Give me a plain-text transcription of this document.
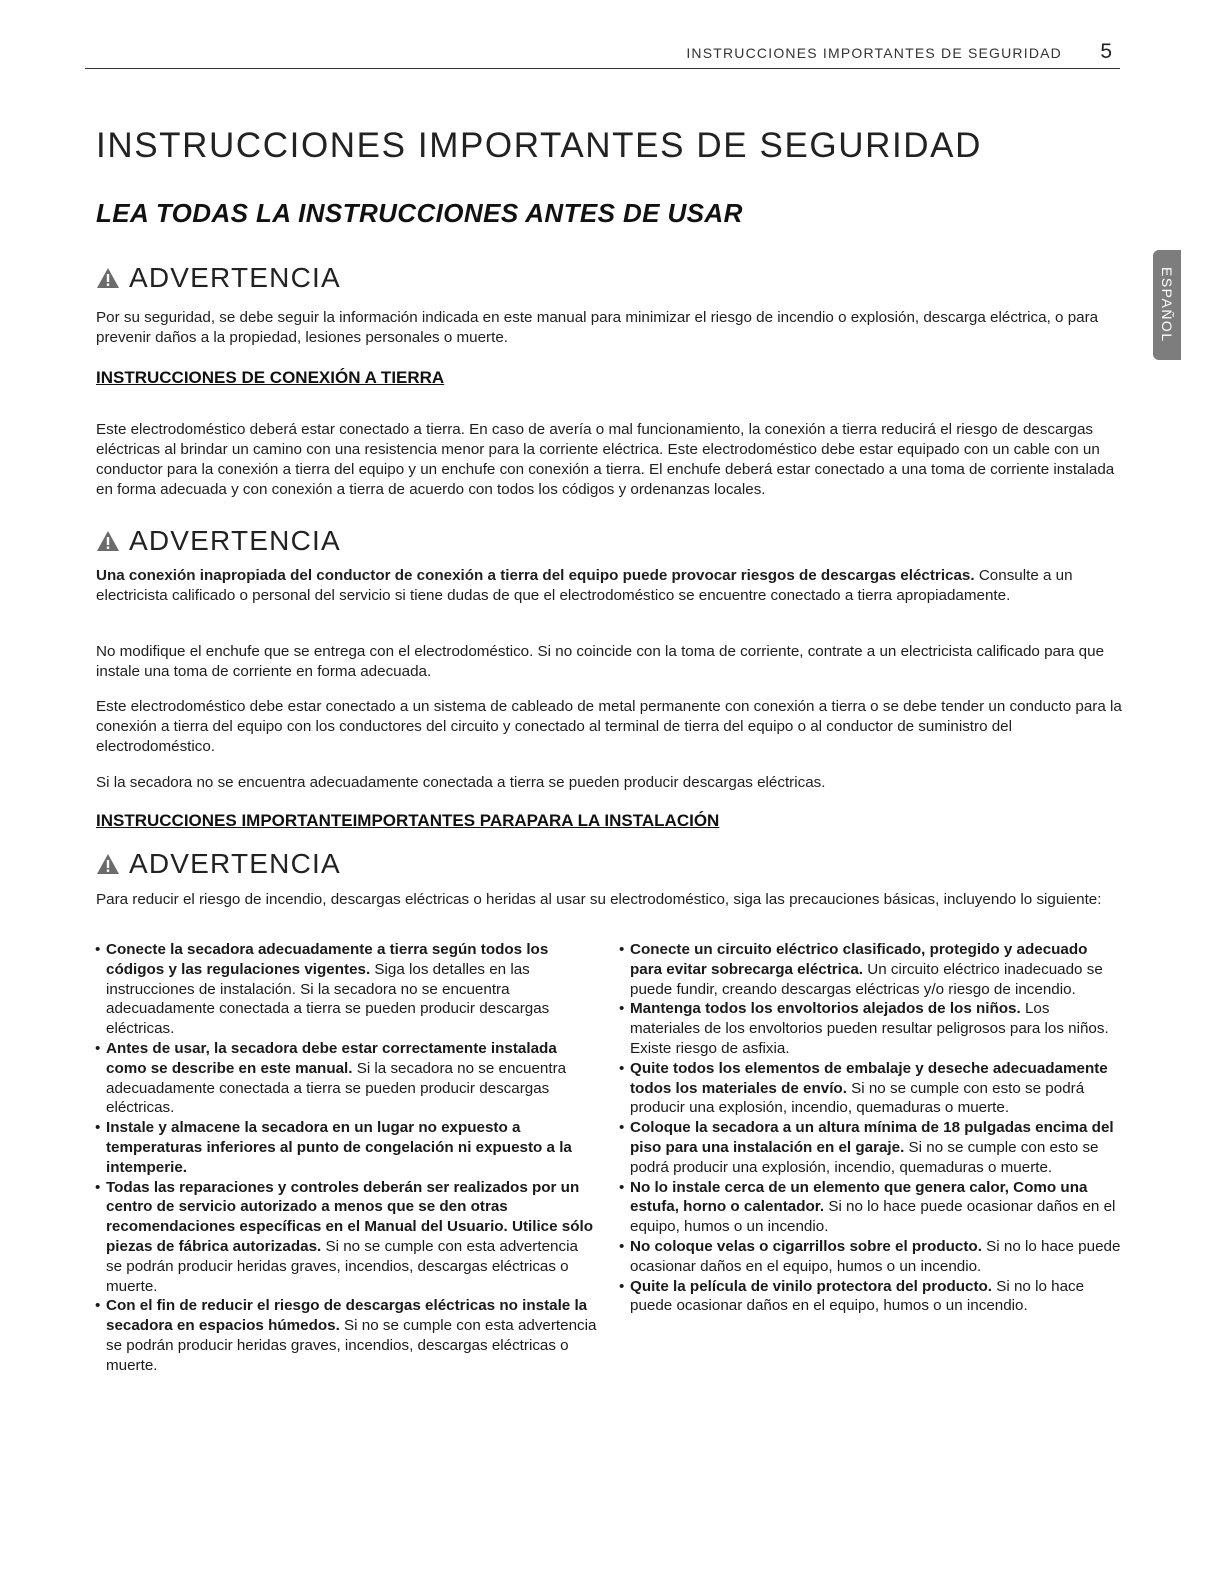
INSTRUCCIONES IMPORTANTES DE SEGURIDAD 5
ESPAÑOL
INSTRUCCIONES IMPORTANTES DE SEGURIDAD
LEA TODAS LA INSTRUCCIONES ANTES DE USAR
ADVERTENCIA

Por su seguridad, se debe seguir la información indicada en este manual para minimizar el riesgo de incendio o explosión, descarga eléctrica, o para prevenir daños a la propiedad, lesiones personales o muerte.

INSTRUCCIONES DE CONEXIÓN A TIERRA

Este electrodoméstico deberá estar conectado a tierra. En caso de avería o mal funcionamiento, la conexión a tierra reducirá el riesgo de descargas eléctricas al brindar un camino con una resistencia menor para la corriente eléctrica. Este electrodoméstico debe estar equipado con un cable con un conductor para la conexión a tierra del equipo y un enchufe con conexión a tierra. El enchufe deberá estar conectado a una toma de corriente instalada en forma adecuada y con conexión a tierra de acuerdo con todos los códigos y ordenanzas locales.

ADVERTENCIA

Una conexión inapropiada del conductor de conexión a tierra del equipo puede provocar riesgos de descargas eléctricas. Consulte a un electricista calificado o personal del servicio si tiene dudas de que el electrodoméstico se encuentre conectado a tierra apropiadamente.

No modifique el enchufe que se entrega con el electrodoméstico. Si no coincide con la toma de corriente, contrate a un electricista calificado para que instale una toma de corriente en forma adecuada.

Este electrodoméstico debe estar conectado a un sistema de cableado de metal permanente con conexión a tierra o se debe tender un conducto para la conexión a tierra del equipo con los conductores del circuito y conectado al terminal de tierra del equipo o al conductor de suministro del electrodoméstico.

Si la secadora no se encuentra adecuadamente conectada a tierra se pueden producir descargas eléctricas.

INSTRUCCIONES IMPORTANTEIMPORTANTES PARAPARA LA INSTALACIÓN
ADVERTENCIA

Para reducir el riesgo de incendio, descargas eléctricas o heridas al usar su electrodoméstico, siga las precauciones básicas, incluyendo lo siguiente:

• Conecte la secadora adecuadamente a tierra según todos los códigos y las regulaciones vigentes. Siga los detalles en las instrucciones de instalación. Si la secadora no se encuentra adecuadamente conectada a tierra se pueden producir descargas eléctricas.
• Antes de usar, la secadora debe estar correctamente instalada como se describe en este manual. Si la secadora no se encuentra adecuadamente conectada a tierra se pueden producir descargas eléctricas.
• Instale y almacene la secadora en un lugar no expuesto a temperaturas inferiores al punto de congelación ni expuesto a la intemperie.
• Todas las reparaciones y controles deberán ser realizados por un centro de servicio autorizado a menos que se den otras recomendaciones específicas en el Manual del Usuario. Utilice sólo piezas de fábrica autorizadas. Si no se cumple con esta advertencia se podrán producir heridas graves, incendios, descargas eléctricas o muerte.
• Con el fin de reducir el riesgo de descargas eléctricas no instale la secadora en espacios húmedos. Si no se cumple con esta advertencia se podrán producir heridas graves, incendios, descargas eléctricas o muerte.
• Conecte un circuito eléctrico clasificado, protegido y adecuado para evitar sobrecarga eléctrica. Un circuito eléctrico inadecuado se puede fundir, creando descargas eléctricas y/o riesgo de incendio.
• Mantenga todos los envoltorios alejados de los niños. Los materiales de los envoltorios pueden resultar peligrosos para los niños. Existe riesgo de asfixia.
• Quite todos los elementos de embalaje y deseche adecuadamente todos los materiales de envío. Si no se cumple con esto se podrá producir una explosión, incendio, quemaduras o muerte.
• Coloque la secadora a un altura mínima de 18 pulgadas encima del piso para una instalación en el garaje. Si no se cumple con esto se podrá producir una explosión, incendio, quemaduras o muerte.
• No lo instale cerca de un elemento que genera calor, Como una estufa, horno o calentador. Si no lo hace puede ocasionar daños en el equipo, humos o un incendio.
• No coloque velas o cigarrillos sobre el producto. Si no lo hace puede ocasionar daños en el equipo, humos o un incendio.
• Quite la película de vinilo protectora del producto. Si no lo hace puede ocasionar daños en el equipo, humos o un incendio.
